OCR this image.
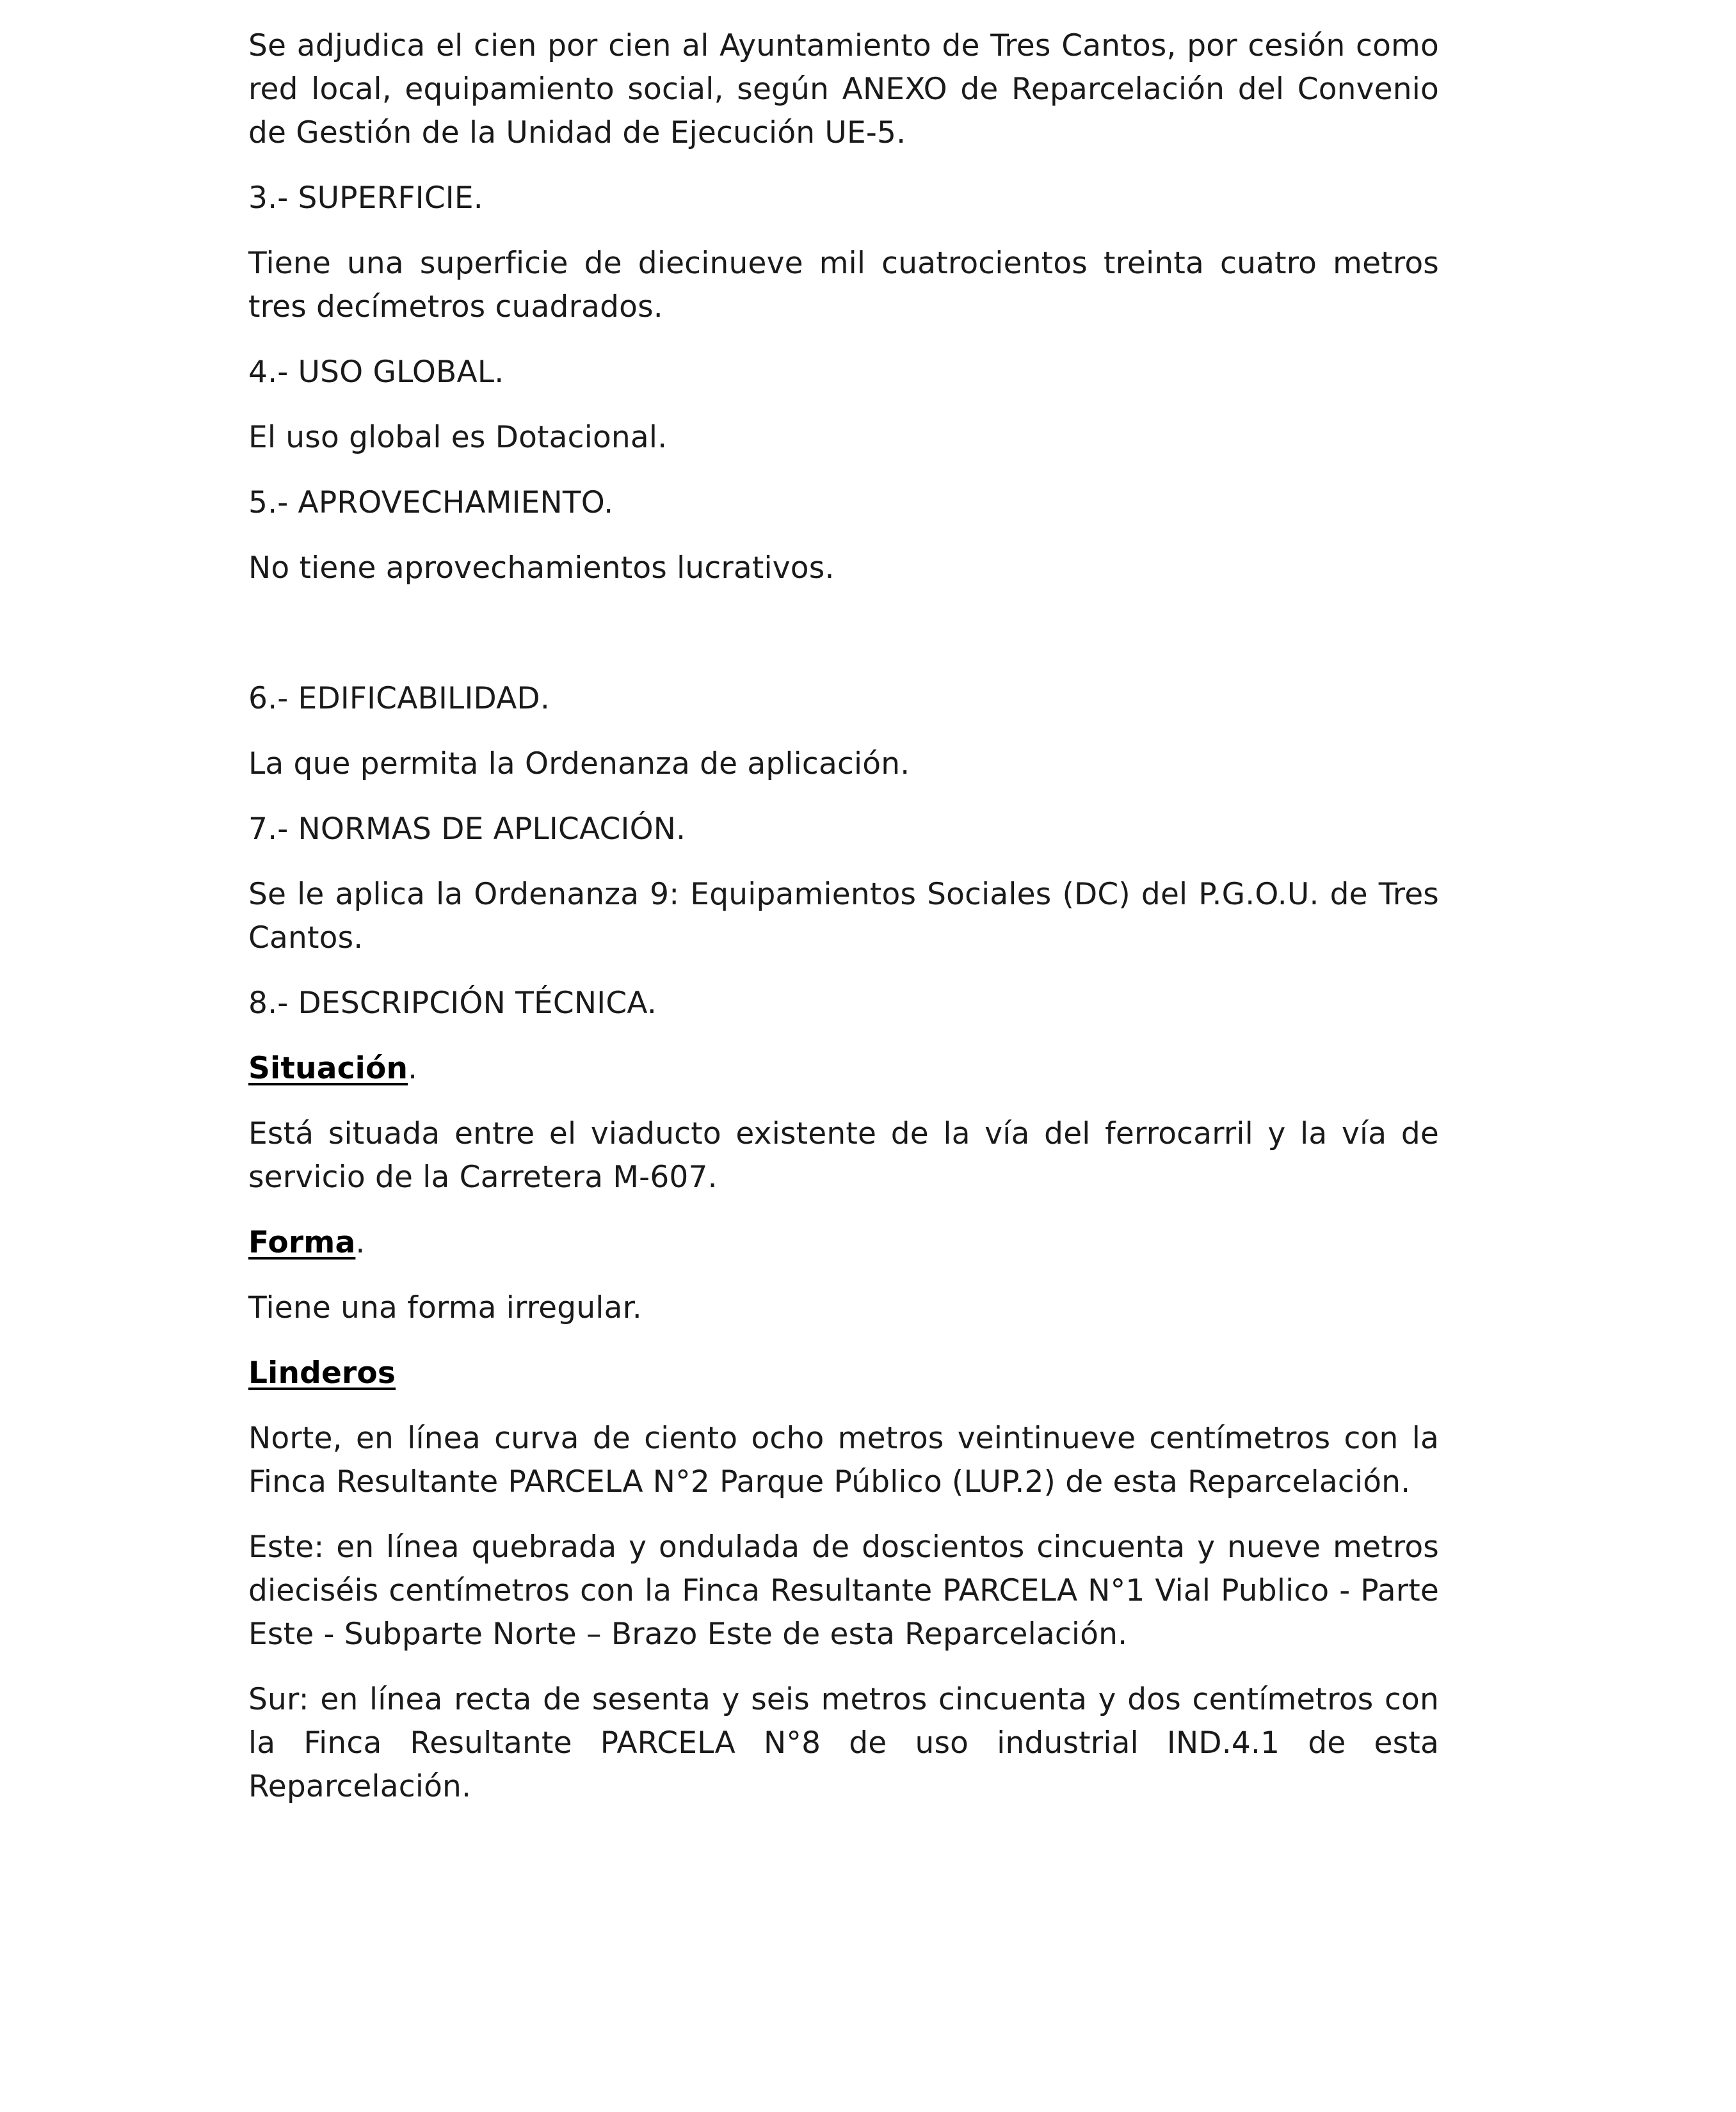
Se adjudica el cien por cien al Ayuntamiento de Tres Cantos, por cesión como red local, equipamiento social, según ANEXO de Reparcelación del Convenio de Gestión de la Unidad de Ejecución UE-5.

3.- SUPERFICIE.

Tiene una superficie de diecinueve mil cuatrocientos treinta cuatro metros tres decímetros cuadrados.

4.- USO GLOBAL.

El uso global es Dotacional.

5.- APROVECHAMIENTO.

No tiene aprovechamientos lucrativos.

6.- EDIFICABILIDAD.

La que permita la Ordenanza de aplicación.

7.- NORMAS DE APLICACIÓN.

Se le aplica la Ordenanza 9: Equipamientos Sociales (DC) del P.G.O.U. de Tres Cantos.

8.- DESCRIPCIÓN TÉCNICA.

Situación.

Está situada entre el viaducto existente de la vía del ferrocarril y la vía de servicio de la Carretera M-607.

Forma.

Tiene una forma irregular.

Linderos

Norte, en línea curva de ciento ocho metros veintinueve centímetros con la Finca Resultante PARCELA N°2 Parque Público (LUP.2) de esta Reparcelación.

Este: en línea quebrada y ondulada de doscientos cincuenta y nueve metros dieciséis centímetros con la Finca Resultante PARCELA N°1 Vial Publico - Parte Este - Subparte Norte – Brazo Este de esta Reparcelación.

Sur: en línea recta de sesenta y seis metros cincuenta y dos centímetros con la Finca Resultante PARCELA N°8 de uso industrial IND.4.1 de esta Reparcelación.
